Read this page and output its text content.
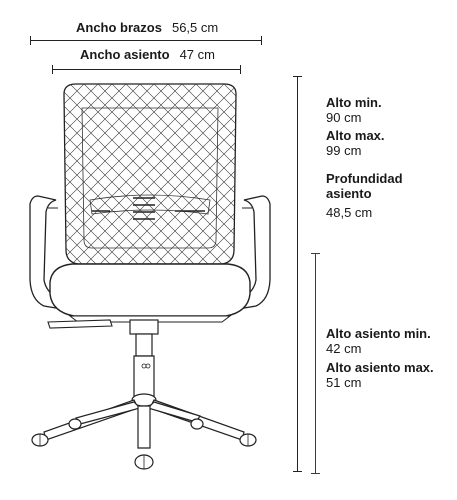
Ancho brazos 56,5 cm
Ancho asiento 47 cm
Alto min.
90 cm
Alto max.
99 cm
Profundidad
asiento
48,5 cm
Alto asiento min.
42 cm
Alto asiento max.
51 cm
